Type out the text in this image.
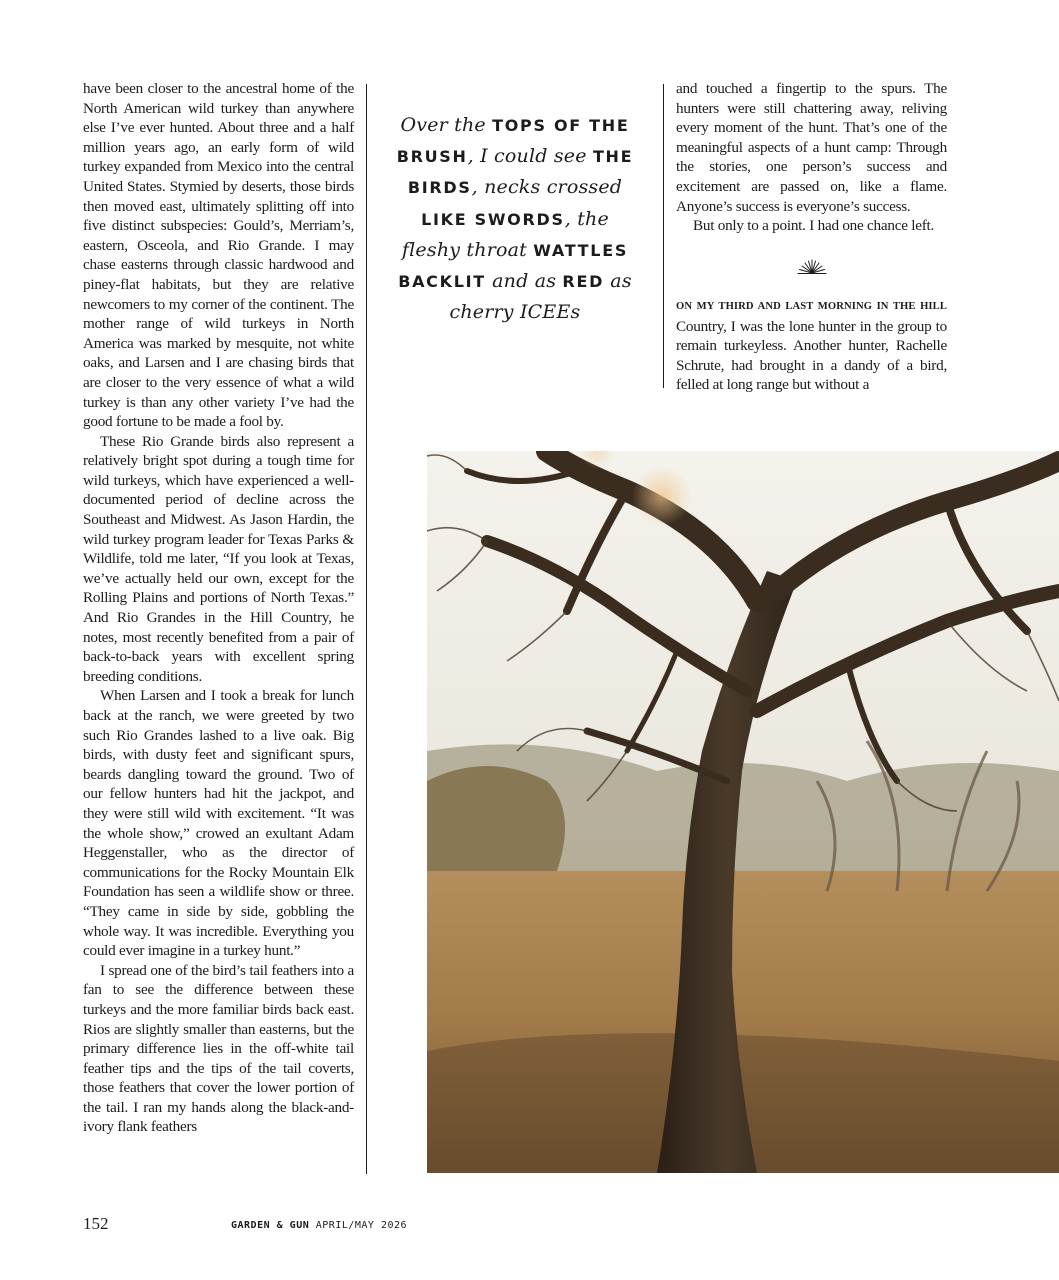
have been closer to the ancestral home of the North American wild turkey than anywhere else I’ve ever hunted. About three and a half million years ago, an early form of wild turkey expanded from Mexico into the central United States. Stymied by deserts, those birds then moved east, ultimately splitting off into five distinct subspecies: Gould’s, Merriam’s, eastern, Osceola, and Rio Grande. I may chase easterns through classic hardwood and piney-flat habitats, but they are relative newcomers to my corner of the continent. The mother range of wild turkeys in North America was marked by mesquite, not white oaks, and Larsen and I are chasing birds that are closer to the very essence of what a wild turkey is than any other variety I’ve had the good fortune to be made a fool by.

These Rio Grande birds also represent a relatively bright spot during a tough time for wild turkeys, which have experienced a well-documented period of decline across the Southeast and Midwest. As Jason Hardin, the wild turkey program leader for Texas Parks & Wildlife, told me later, “If you look at Texas, we’ve actually held our own, except for the Rolling Plains and portions of North Texas.” And Rio Grandes in the Hill Country, he notes, most recently benefited from a pair of back-to-back years with excellent spring breeding conditions.

When Larsen and I took a break for lunch back at the ranch, we were greeted by two such Rio Grandes lashed to a live oak. Big birds, with dusty feet and significant spurs, beards dangling toward the ground. Two of our fellow hunters had hit the jackpot, and they were still wild with excitement. “It was the whole show,” crowed an exultant Adam Heggenstaller, who as the director of communications for the Rocky Mountain Elk Foundation has seen a wildlife show or three. “They came in side by side, gobbling the whole way. It was incredible. Everything you could ever imagine in a turkey hunt.”

I spread one of the bird’s tail feathers into a fan to see the difference between these turkeys and the more familiar birds back east. Rios are slightly smaller than easterns, but the primary difference lies in the off-white tail feather tips and the tips of the tail coverts, those feathers that cover the lower portion of the tail. I ran my hands along the black-and-ivory flank feathers

Over the TOPS OF THE BRUSH, I could see THE BIRDS, necks crossed LIKE SWORDS, the fleshy throat WATTLES BACKLIT and as RED as cherry ICEEs

and touched a fingertip to the spurs. The hunters were still chattering away, reliving every moment of the hunt. That’s one of the meaningful aspects of a hunt camp: Through the stories, one person’s success and excitement are passed on, like a flame. Anyone’s success is everyone’s success.

But only to a point. I had one chance left.

ON MY THIRD AND LAST MORNING IN THE HILL Country, I was the lone hunter in the group to remain turkeyless. Another hunter, Rachelle Schrute, had brought in a dandy of a bird, felled at long range but without a

152	GARDEN & GUN APRIL/MAY 2026
